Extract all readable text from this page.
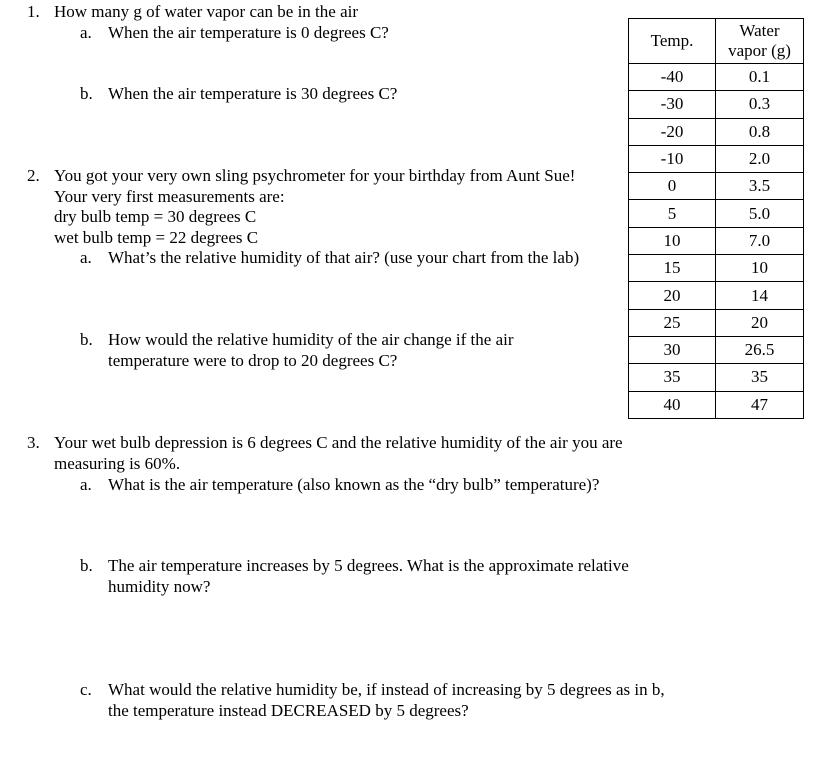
1. How many g of water vapor can be in the air
a. When the air temperature is 0 degrees C?
b. When the air temperature is 30 degrees C?
2. You got your very own sling psychrometer for your birthday from Aunt Sue!
Your very first measurements are:
dry bulb temp = 30 degrees C
wet bulb temp = 22 degrees C
a. What’s the relative humidity of that air? (use your chart from the lab)
b. How would the relative humidity of the air change if the air
temperature were to drop to 20 degrees C?
3. Your wet bulb depression is 6 degrees C and the relative humidity of the air you are
measuring is 60%.
a. What is the air temperature (also known as the “dry bulb” temperature)?
b. The air temperature increases by 5 degrees. What is the approximate relative
humidity now?
c. What would the relative humidity be, if instead of increasing by 5 degrees as in b,
the temperature instead DECREASED by 5 degrees?
Temp.	Water
vapor (g)
-40	0.1
-30	0.3
-20	0.8
-10	2.0
0	3.5
5	5.0
10	7.0
15	10
20	14
25	20
30	26.5
35	35
40	47
